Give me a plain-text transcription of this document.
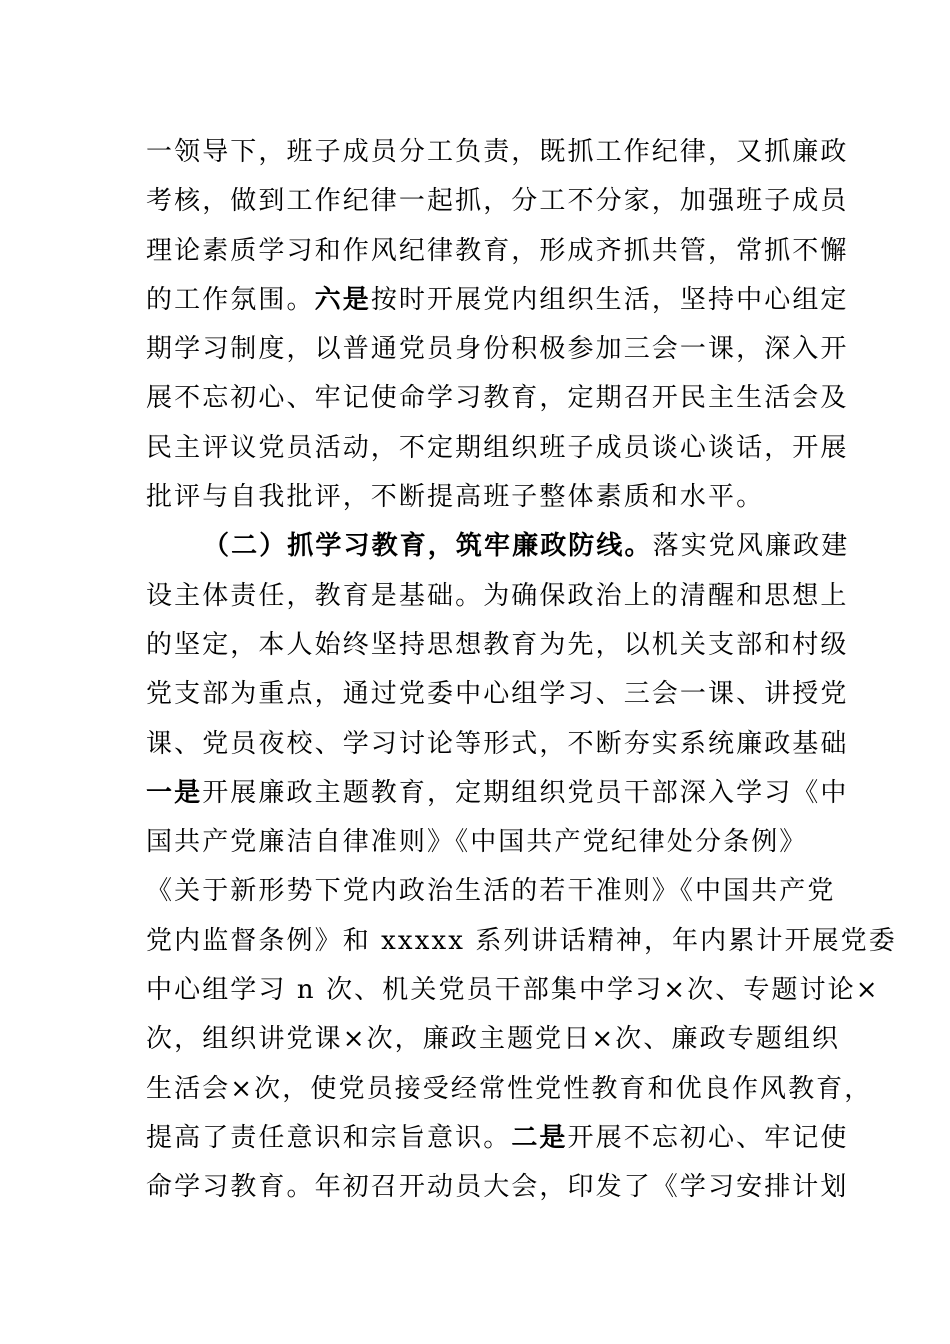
一领导下，班子成员分工负责，既抓工作纪律，又抓廉政
考核，做到工作纪律一起抓，分工不分家，加强班子成员
理论素质学习和作风纪律教育，形成齐抓共管，常抓不懈
的工作氛围。六是按时开展党内组织生活，坚持中心组定
期学习制度，以普通党员身份积极参加三会一课，深入开
展不忘初心、牢记使命学习教育，定期召开民主生活会及
民主评议党员活动，不定期组织班子成员谈心谈话，开展
批评与自我批评，不断提高班子整体素质和水平。
（二）抓学习教育，筑牢廉政防线。落实党风廉政建
设主体责任，教育是基础。为确保政治上的清醒和思想上
的坚定，本人始终坚持思想教育为先，以机关支部和村级
党支部为重点，通过党委中心组学习、三会一课、讲授党
课、党员夜校、学习讨论等形式，不断夯实系统廉政基础
一是开展廉政主题教育，定期组织党员干部深入学习《中
国共产党廉洁自律准则》《中国共产党纪律处分条例》
《关于新形势下党内政治生活的若干准则》《中国共产党
党内监督条例》和 xxxxx 系列讲话精神，年内累计开展党委
中心组学习 n 次、机关党员干部集中学习×次、专题讨论×
次，组织讲党课×次，廉政主题党日×次、廉政专题组织
生活会×次，使党员接受经常性党性教育和优良作风教育，
提高了责任意识和宗旨意识。二是开展不忘初心、牢记使
命学习教育。年初召开动员大会，印发了《学习安排计划
